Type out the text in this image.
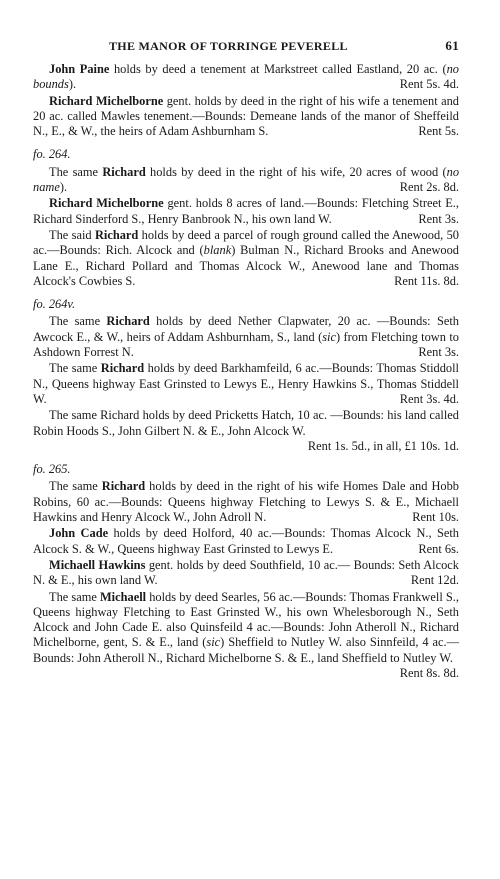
THE MANOR OF TORRINGE PEVERELL	61

John Paine holds by deed a tenement at Markstreet called Eastland, 20 ac. (no bounds).	Rent 5s. 4d.

Richard Michelborne gent. holds by deed in the right of his wife a tenement and 20 ac. called Mawles tenement.—Bounds: Demeane lands of the manor of Sheffeild N., E., & W., the heirs of Adam Ashburnham S.	Rent 5s.

fo. 264.

The same Richard holds by deed in the right of his wife, 20 acres of wood (no name).	Rent 2s. 8d.

Richard Michelborne gent. holds 8 acres of land.—Bounds: Fletching Street E., Richard Sinderford S., Henry Banbrook N., his own land W.	Rent 3s.

The said Richard holds by deed a parcel of rough ground called the Anewood, 50 ac.—Bounds: Rich. Alcock and (blank) Bulman N., Richard Brooks and Anewood Lane E., Richard Pollard and Thomas Alcock W., Anewood lane and Thomas Alcock's Cowbies S.	Rent 11s. 8d.

fo. 264v.

The same Richard holds by deed Nether Clapwater, 20 ac. —Bounds: Seth Awcock E., & W., heirs of Addam Ashburnham, S., land (sic) from Fletching town to Ashdown Forrest N.	Rent 3s.

The same Richard holds by deed Barkhamfeild, 6 ac.—Bounds: Thomas Stiddoll N., Queens highway East Grinsted to Lewys E., Henry Hawkins S., Thomas Stiddell W.	Rent 3s. 4d.

The same Richard holds by deed Pricketts Hatch, 10 ac. —Bounds: his land called Robin Hoods S., John Gilbert N. & E., John Alcock W.
Rent 1s. 5d., in all, £1 10s. 1d.

fo. 265.

The same Richard holds by deed in the right of his wife Homes Dale and Hobb Robins, 60 ac.—Bounds: Queens highway Fletching to Lewys S. & E., Michaell Hawkins and Henry Alcock W., John Adroll N.	Rent 10s.

John Cade holds by deed Holford, 40 ac.—Bounds: Thomas Alcock N., Seth Alcock S. & W., Queens highway East Grinsted to Lewys E.	Rent 6s.

Michaell Hawkins gent. holds by deed Southfield, 10 ac.— Bounds: Seth Alcock N. & E., his own land W.	Rent 12d.

The same Michaell holds by deed Searles, 56 ac.—Bounds: Thomas Frankwell S., Queens highway Fletching to East Grinsted W., his own Whelesborough N., Seth Alcock and John Cade E. also Quinsfeild 4 ac.—Bounds: John Atheroll N., Richard Michelborne, gent, S. & E., land (sic) Sheffield to Nutley W. also Sinnfeild, 4 ac.—Bounds: John Atheroll N., Richard Michelborne S. & E., land Sheffield to Nutley W.
Rent 8s. 8d.
